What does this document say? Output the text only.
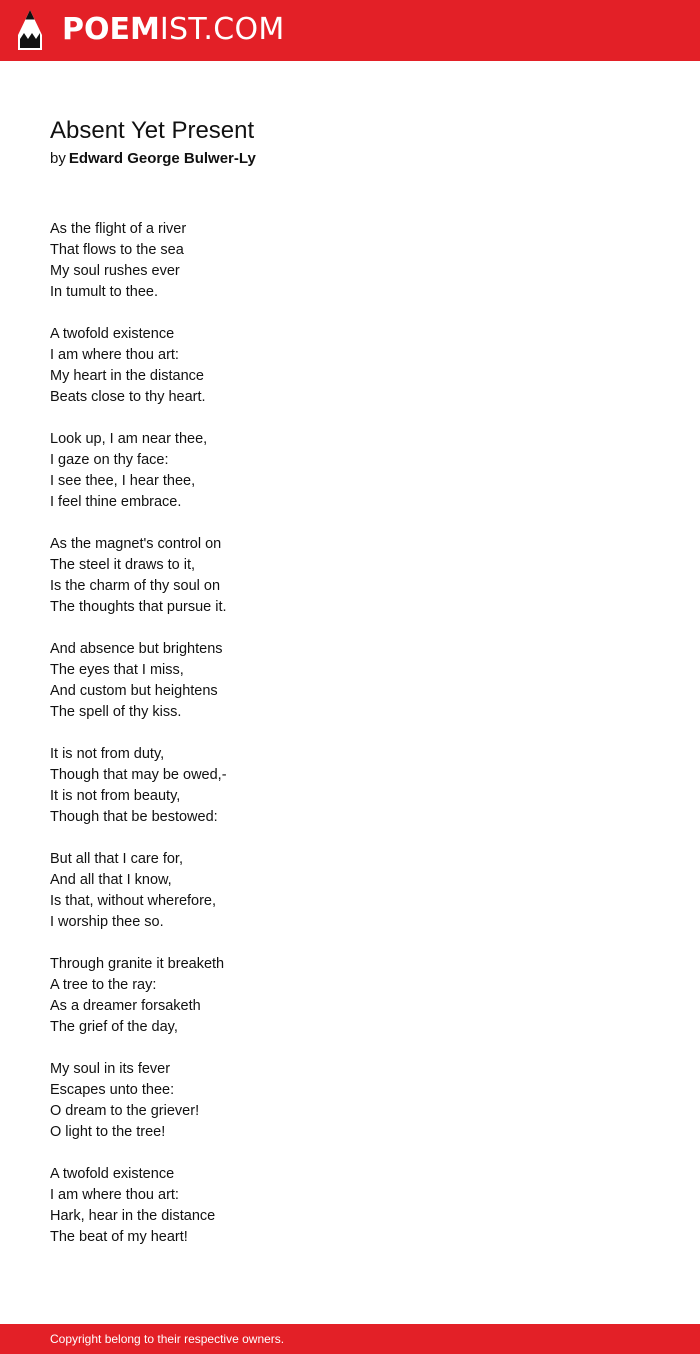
POEMIST.COM
Absent Yet Present
by Edward George Bulwer-Ly
As the flight of a river
That flows to the sea
My soul rushes ever
In tumult to thee.
A twofold existence
I am where thou art:
My heart in the distance
Beats close to thy heart.
Look up, I am near thee,
I gaze on thy face:
I see thee, I hear thee,
I feel thine embrace.
As the magnet's control on
The steel it draws to it,
Is the charm of thy soul on
The thoughts that pursue it.
And absence but brightens
The eyes that I miss,
And custom but heightens
The spell of thy kiss.
It is not from duty,
Though that may be owed,-
It is not from beauty,
Though that be bestowed:
But all that I care for,
And all that I know,
Is that, without wherefore,
I worship thee so.
Through granite it breaketh
A tree to the ray:
As a dreamer forsaketh
The grief of the day,
My soul in its fever
Escapes unto thee:
O dream to the griever!
O light to the tree!
A twofold existence
I am where thou art:
Hark, hear in the distance
The beat of my heart!
Copyright belong to their respective owners.
